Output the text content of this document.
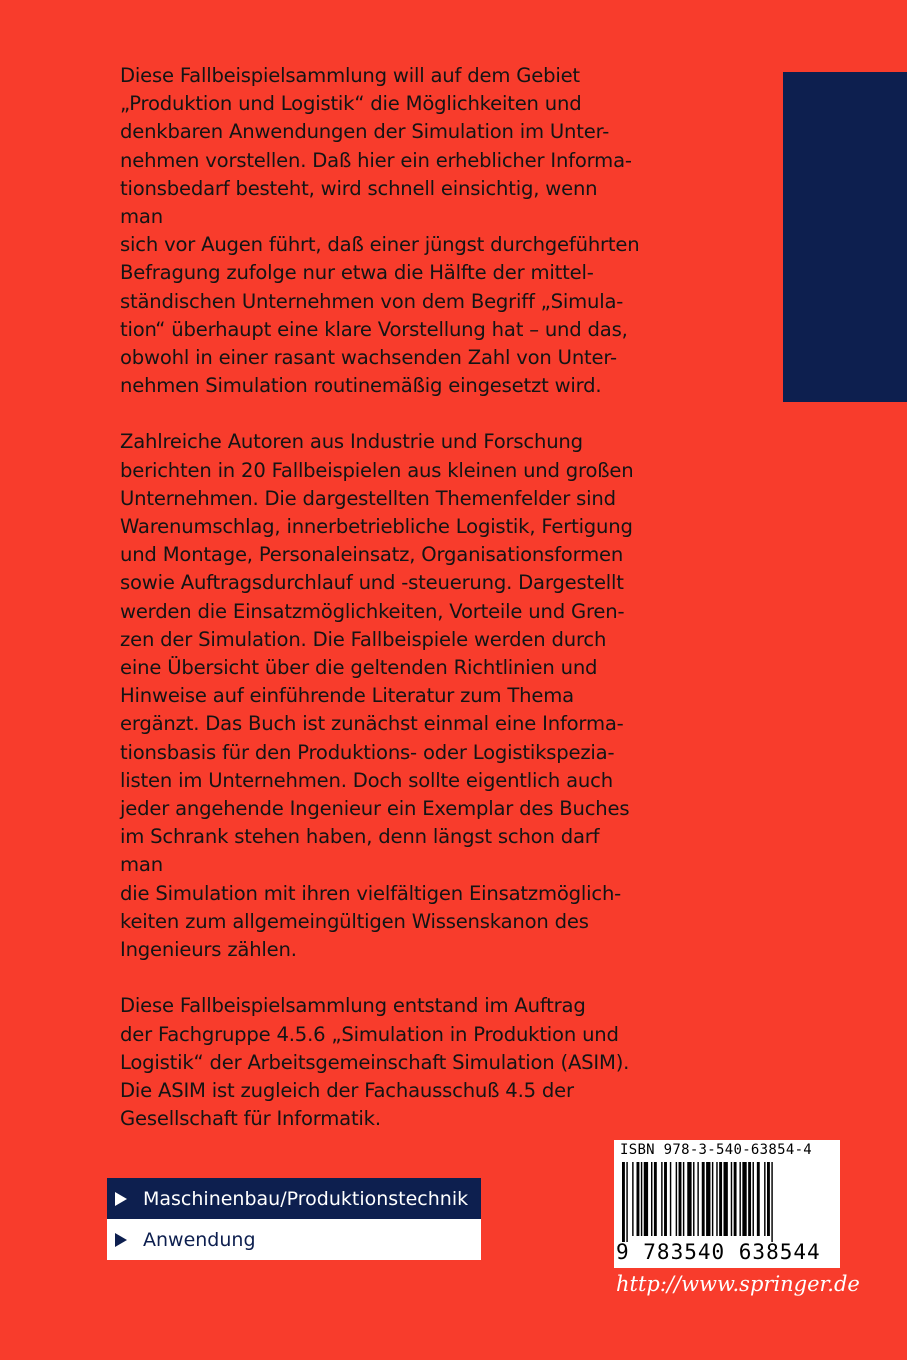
Diese Fallbeispielsammlung will auf dem Gebiet
„Produktion und Logistik“ die Möglichkeiten und
denkbaren Anwendungen der Simulation im Unter-
nehmen vorstellen. Daß hier ein erheblicher Informa-
tionsbedarf besteht, wird schnell einsichtig, wenn man
sich vor Augen führt, daß einer jüngst durchgeführten
Befragung zufolge nur etwa die Hälfte der mittel-
ständischen Unternehmen von dem Begriff „Simula-
tion“ überhaupt eine klare Vorstellung hat – und das,
obwohl in einer rasant wachsenden Zahl von Unter-
nehmen Simulation routinemäßig eingesetzt wird.

Zahlreiche Autoren aus Industrie und Forschung
berichten in 20 Fallbeispielen aus kleinen und großen
Unternehmen. Die dargestellten Themenfelder sind
Warenumschlag, innerbetriebliche Logistik, Fertigung
und Montage, Personaleinsatz, Organisationsformen
sowie Auftragsdurchlauf und -steuerung. Dargestellt
werden die Einsatzmöglichkeiten, Vorteile und Gren-
zen der Simulation. Die Fallbeispiele werden durch
eine Übersicht über die geltenden Richtlinien und
Hinweise auf einführende Literatur zum Thema
ergänzt. Das Buch ist zunächst einmal eine Informa-
tionsbasis für den Produktions- oder Logistikspezia-
listen im Unternehmen. Doch sollte eigentlich auch
jeder angehende Ingenieur ein Exemplar des Buches
im Schrank stehen haben, denn längst schon darf man
die Simulation mit ihren vielfältigen Einsatzmöglich-
keiten zum allgemeingültigen Wissenskanon des
Ingenieurs zählen.

Diese Fallbeispielsammlung entstand im Auftrag
der Fachgruppe 4.5.6 „Simulation in Produktion und
Logistik“ der Arbeitsgemeinschaft Simulation (ASIM).
Die ASIM ist zugleich der Fachausschuß 4.5 der
Gesellschaft für Informatik.

Maschinenbau/Produktionstechnik
Anwendung
ISBN 978-3-540-63854-4
9 783540 638544
http://www.springer.de
